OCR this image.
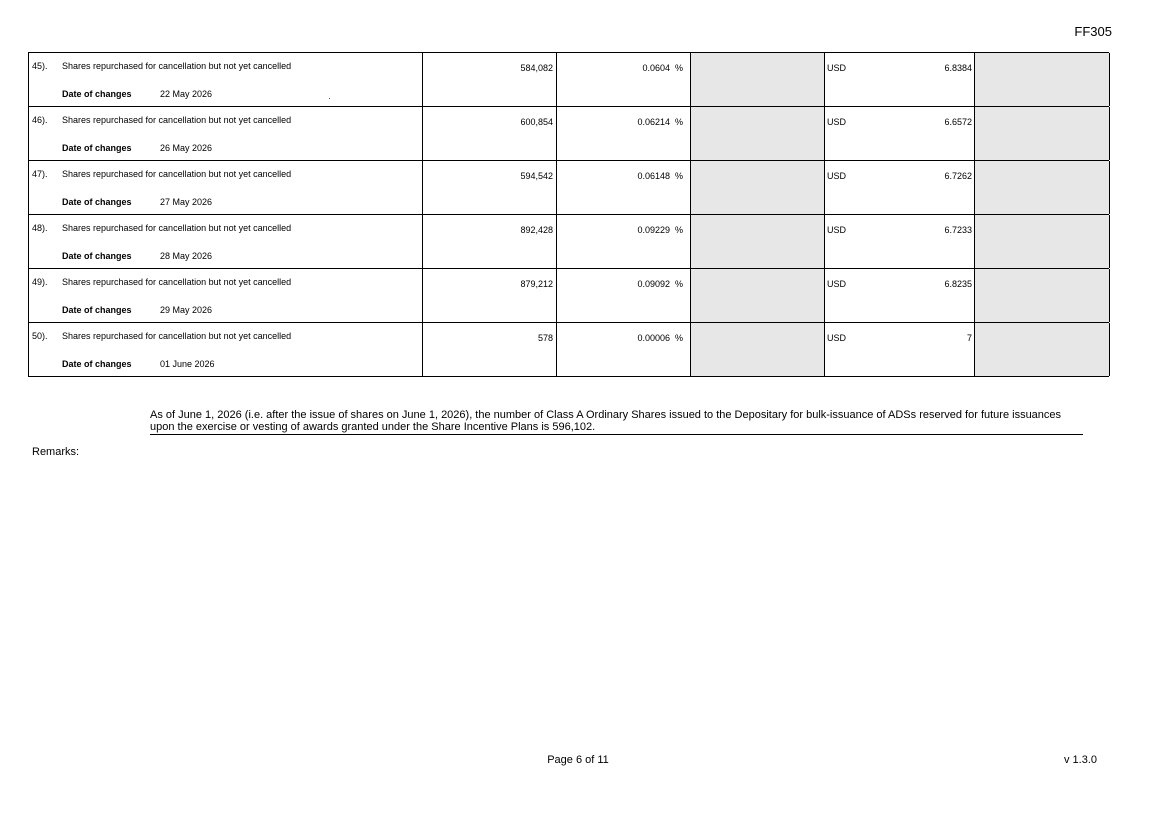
FF305
45). Shares repurchased for cancellation but not yet cancelled
Date of changes	22 May 2026
584,082	0.0604 %	USD	6.8384
46). Shares repurchased for cancellation but not yet cancelled
Date of changes	26 May 2026
600,854	0.06214 %	USD	6.6572
47). Shares repurchased for cancellation but not yet cancelled
Date of changes	27 May 2026
594,542	0.06148 %	USD	6.7262
48). Shares repurchased for cancellation but not yet cancelled
Date of changes	28 May 2026
892,428	0.09229 %	USD	6.7233
49). Shares repurchased for cancellation but not yet cancelled
Date of changes	29 May 2026
879,212	0.09092 %	USD	6.8235
50). Shares repurchased for cancellation but not yet cancelled
Date of changes	01 June 2026
578	0.00006 %	USD	7
Remarks:
As of June 1, 2026 (i.e. after the issue of shares on June 1, 2026), the number of Class A Ordinary Shares issued to the Depositary for bulk-issuance of ADSs reserved for future issuances upon the exercise or vesting of awards granted under the Share Incentive Plans is 596,102.
Page 6 of 11	v 1.3.0
